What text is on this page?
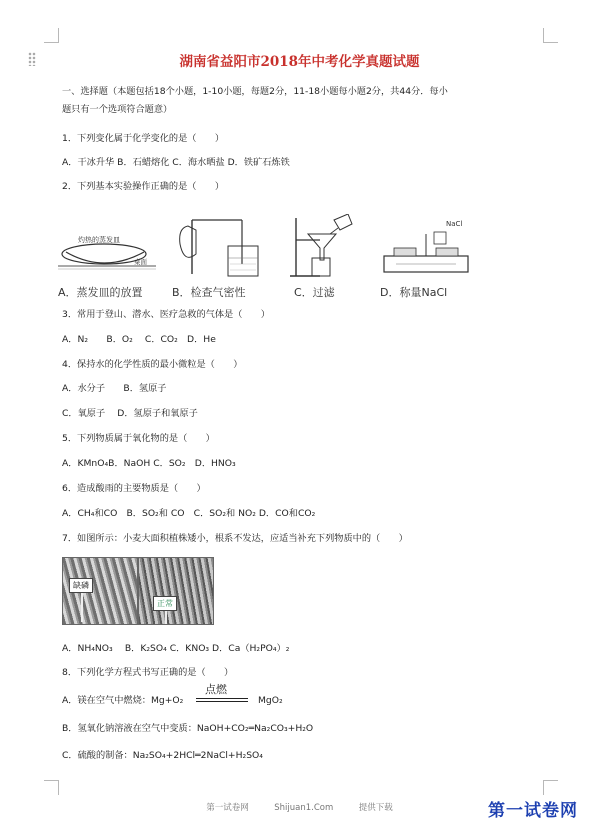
湖南省益阳市2018年中考化学真题试题
一、选择题（本题包括18个小题，1-10小题，每题2分，11-18小题每小题2分，共44分．每小
题只有一个选项符合题意）
1．下列变化属于化学变化的是（　　）
A．干冰升华 B．石蜡熔化 C．海水晒盐 D．铁矿石炼铁
2．下列基本实验操作正确的是（　　）
灼热的蒸发皿
桌面
A．蒸发皿的放置	B．检查气密性	C．过滤
NaCl
D．称量NaCl
3．常用于登山、潜水、医疗急救的气体是（　　）
A．N₂　　B．O₂　 C．CO₂　D．He
4．保持水的化学性质的最小微粒是（　　）
A．水分子　　B．氢原子
C．氧原子　 D．氢原子和氧原子
5．下列物质属于氧化物的是（　　）
A．KMnO₄B．NaOH C．SO₂　D．HNO₃
6．造成酸雨的主要物质是（　　）
A．CH₄和CO　B．SO₂和 CO　C．SO₂和 NO₂ D．CO和CO₂
7．如图所示：小麦大面积植株矮小，根系不发达，应适当补充下列物质中的（　　）
缺磷
正常
A．NH₄NO₃　 B．K₂SO₄ C．KNO₃ D．Ca（H₂PO₄）₂
8．下列化学方程式书写正确的是（　　）
A．镁在空气中燃烧：Mg+O₂
点燃
MgO₂
B．氢氧化钠溶液在空气中变质：NaOH+CO₂═Na₂CO₃+H₂O
C．硫酸的制备：Na₂SO₄+2HCl═2NaCl+H₂SO₄
第一试卷网　　　Shijuan1.Com　　　提供下载	第一试卷网
